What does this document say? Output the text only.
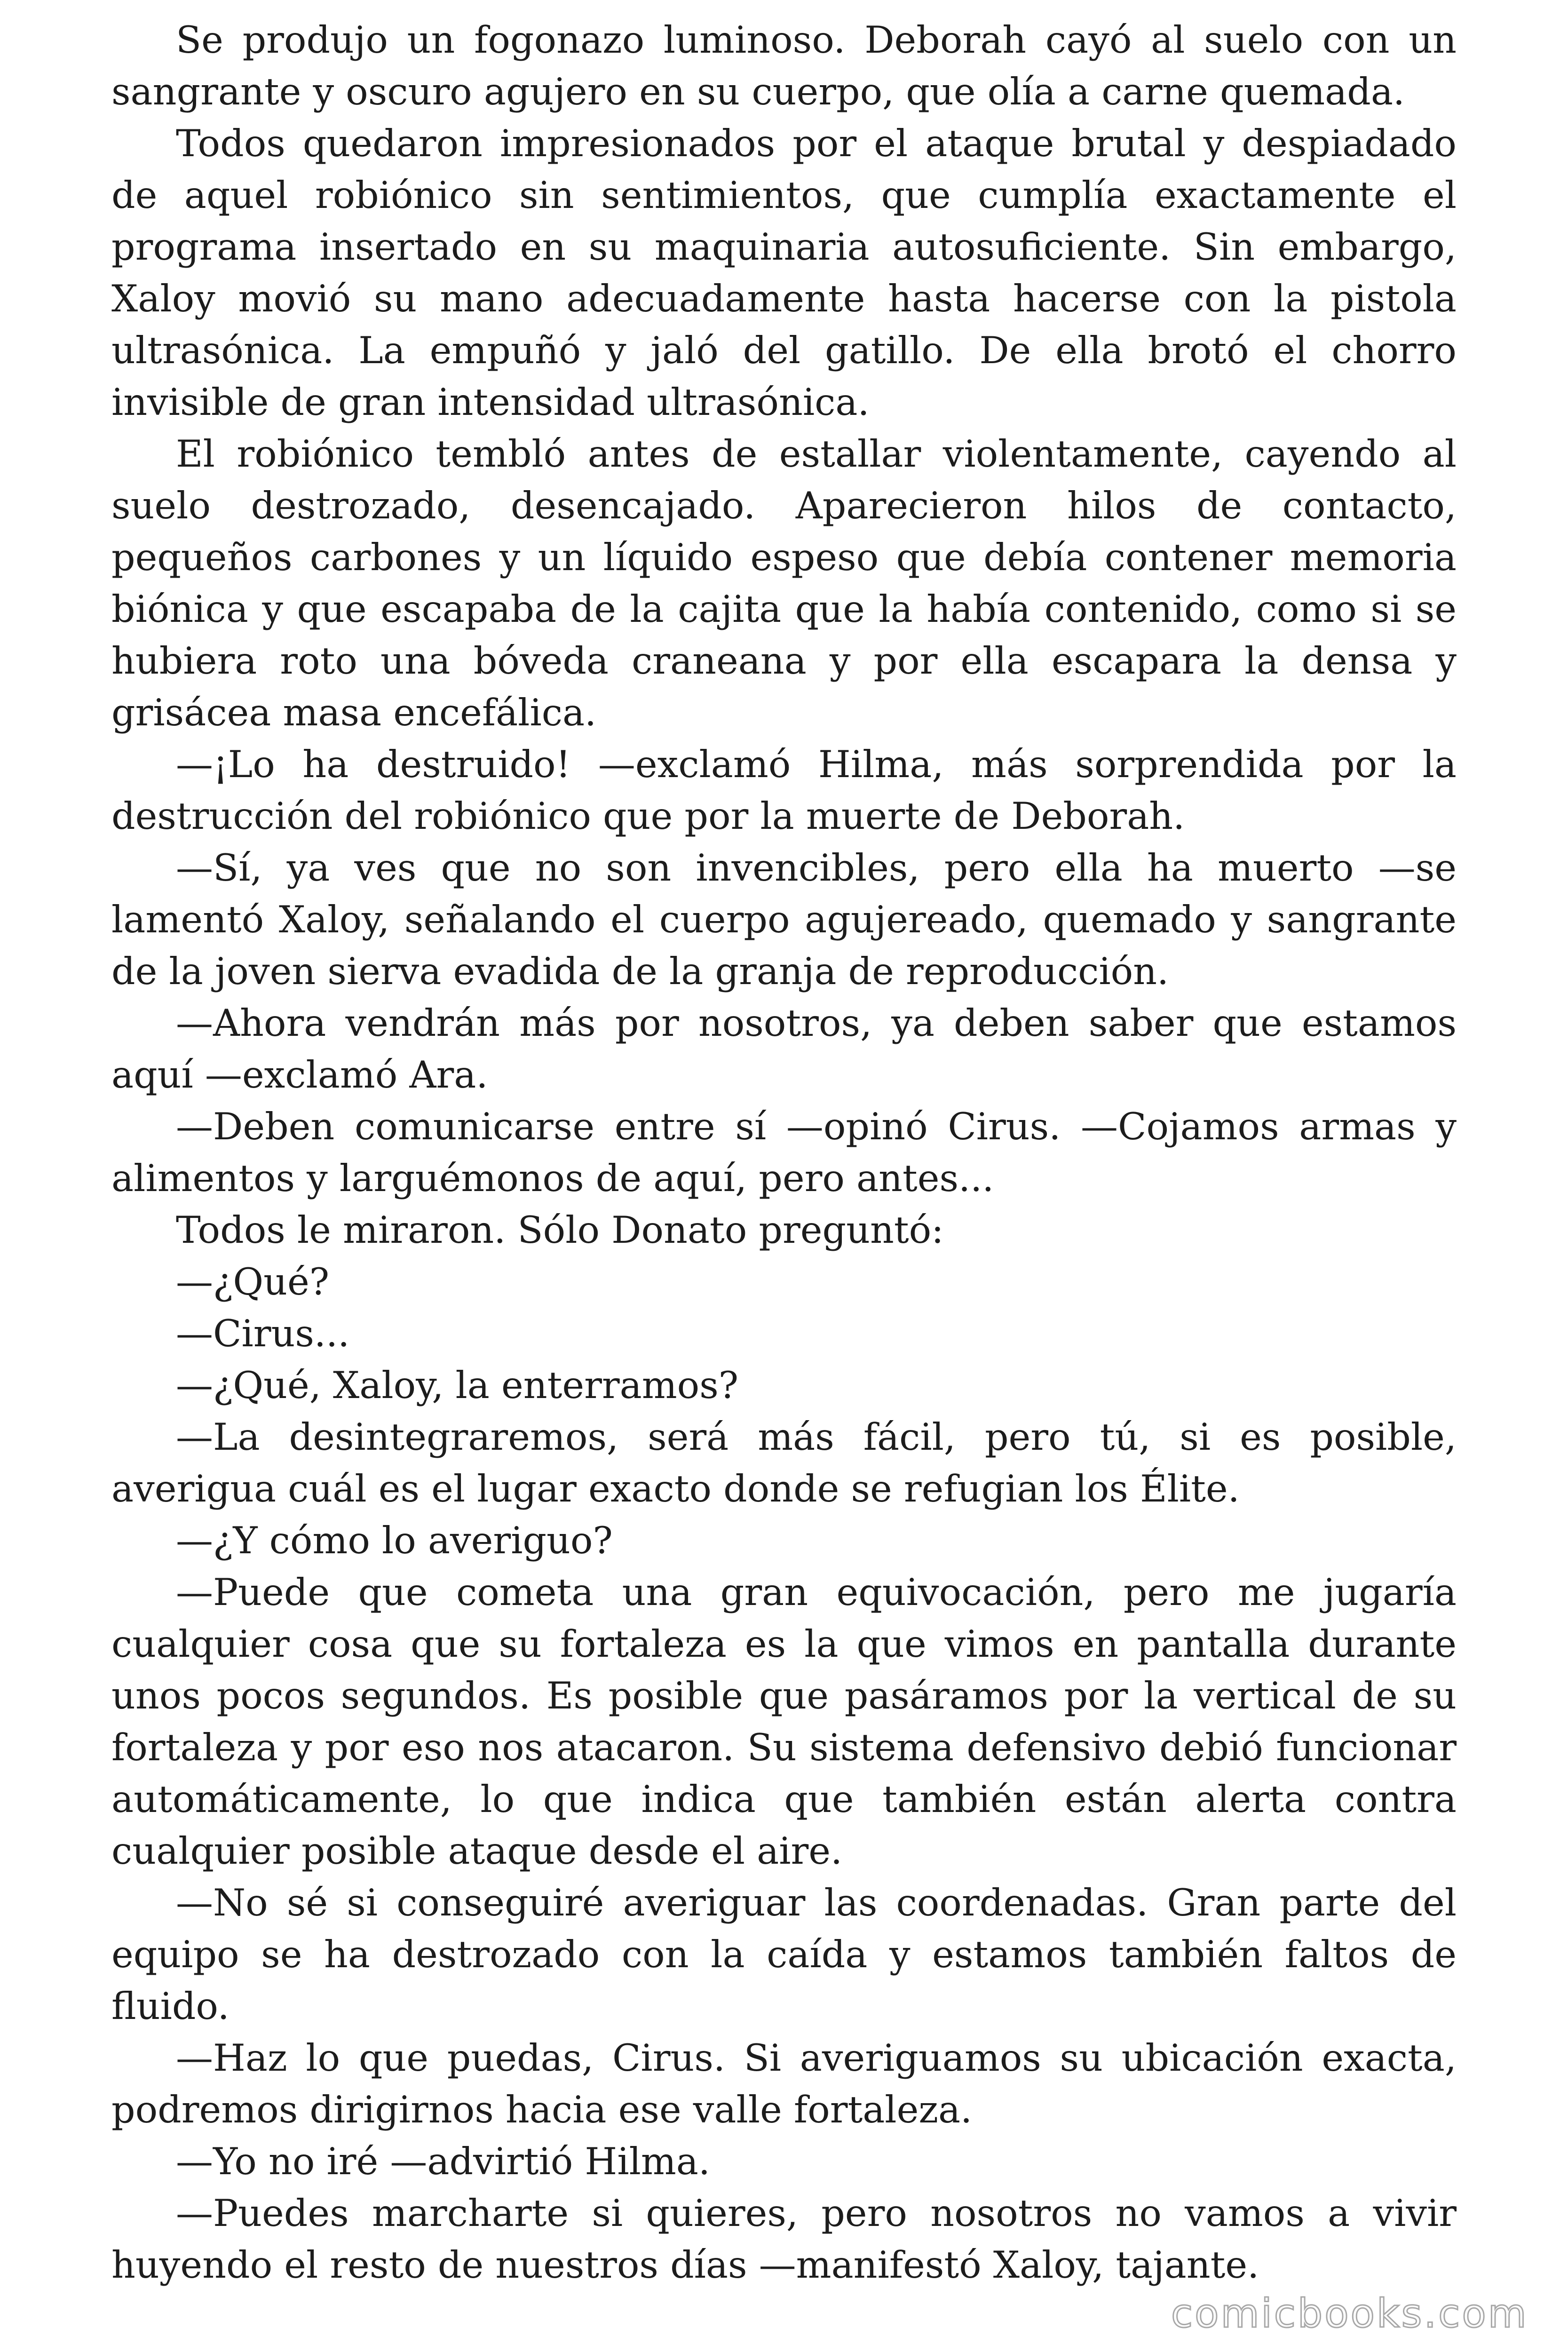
Se produjo un fogonazo luminoso. Deborah cayó al suelo con un sangrante y oscuro agujero en su cuerpo, que olía a carne quemada.

Todos quedaron impresionados por el ataque brutal y despiadado de aquel robiónico sin sentimientos, que cumplía exactamente el programa insertado en su maquinaria autosuficiente. Sin embargo, Xaloy movió su mano adecuadamente hasta hacerse con la pistola ultrasónica. La empuñó y jaló del gatillo. De ella brotó el chorro invisible de gran intensidad ultrasónica.

El robiónico tembló antes de estallar violentamente, cayendo al suelo destrozado, desencajado. Aparecieron hilos de contacto, pequeños carbones y un líquido espeso que debía contener memoria biónica y que escapaba de la cajita que la había contenido, como si se hubiera roto una bóveda craneana y por ella escapara la densa y grisácea masa encefálica.

—¡Lo ha destruido! —exclamó Hilma, más sorprendida por la destrucción del robiónico que por la muerte de Deborah.

—Sí, ya ves que no son invencibles, pero ella ha muerto —se lamentó Xaloy, señalando el cuerpo agujereado, quemado y sangrante de la joven sierva evadida de la granja de reproducción.

—Ahora vendrán más por nosotros, ya deben saber que estamos aquí —exclamó Ara.

—Deben comunicarse entre sí —opinó Cirus. —Cojamos armas y alimentos y larguémonos de aquí, pero antes...

Todos le miraron. Sólo Donato preguntó:

—¿Qué?

—Cirus...

—¿Qué, Xaloy, la enterramos?

—La desintegraremos, será más fácil, pero tú, si es posible, averigua cuál es el lugar exacto donde se refugian los Élite.

—¿Y cómo lo averiguo?

—Puede que cometa una gran equivocación, pero me jugaría cualquier cosa que su fortaleza es la que vimos en pantalla durante unos pocos segundos. Es posible que pasáramos por la vertical de su fortaleza y por eso nos atacaron. Su sistema defensivo debió funcionar automáticamente, lo que indica que también están alerta contra cualquier posible ataque desde el aire.

—No sé si conseguiré averiguar las coordenadas. Gran parte del equipo se ha destrozado con la caída y estamos también faltos de fluido.

—Haz lo que puedas, Cirus. Si averiguamos su ubicación exacta, podremos dirigirnos hacia ese valle fortaleza.

—Yo no iré —advirtió Hilma.

—Puedes marcharte si quieres, pero nosotros no vamos a vivir huyendo el resto de nuestros días —manifestó Xaloy, tajante.

comicbooks.com
